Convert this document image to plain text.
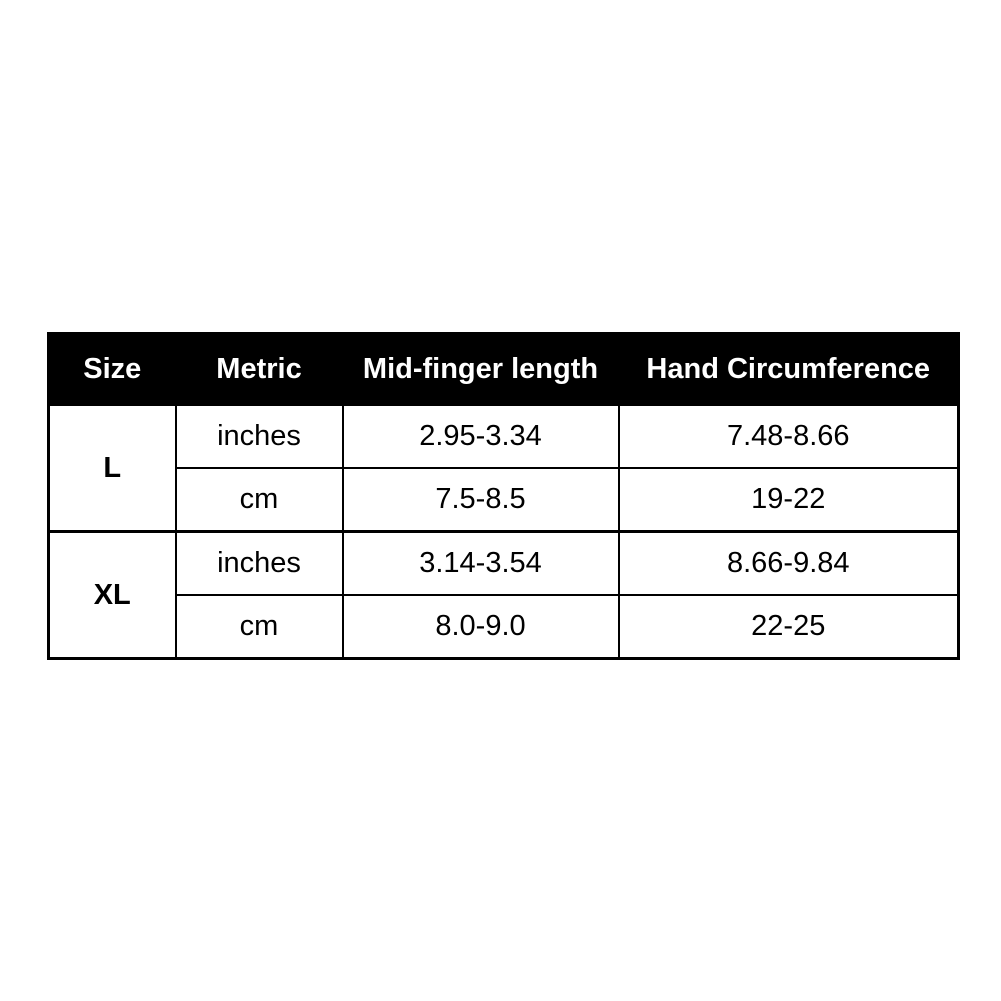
Size	Metric	Mid-finger length	Hand Circumference
L	inches	2.95-3.34	7.48-8.66
	cm	7.5-8.5	19-22
XL	inches	3.14-3.54	8.66-9.84
	cm	8.0-9.0	22-25
